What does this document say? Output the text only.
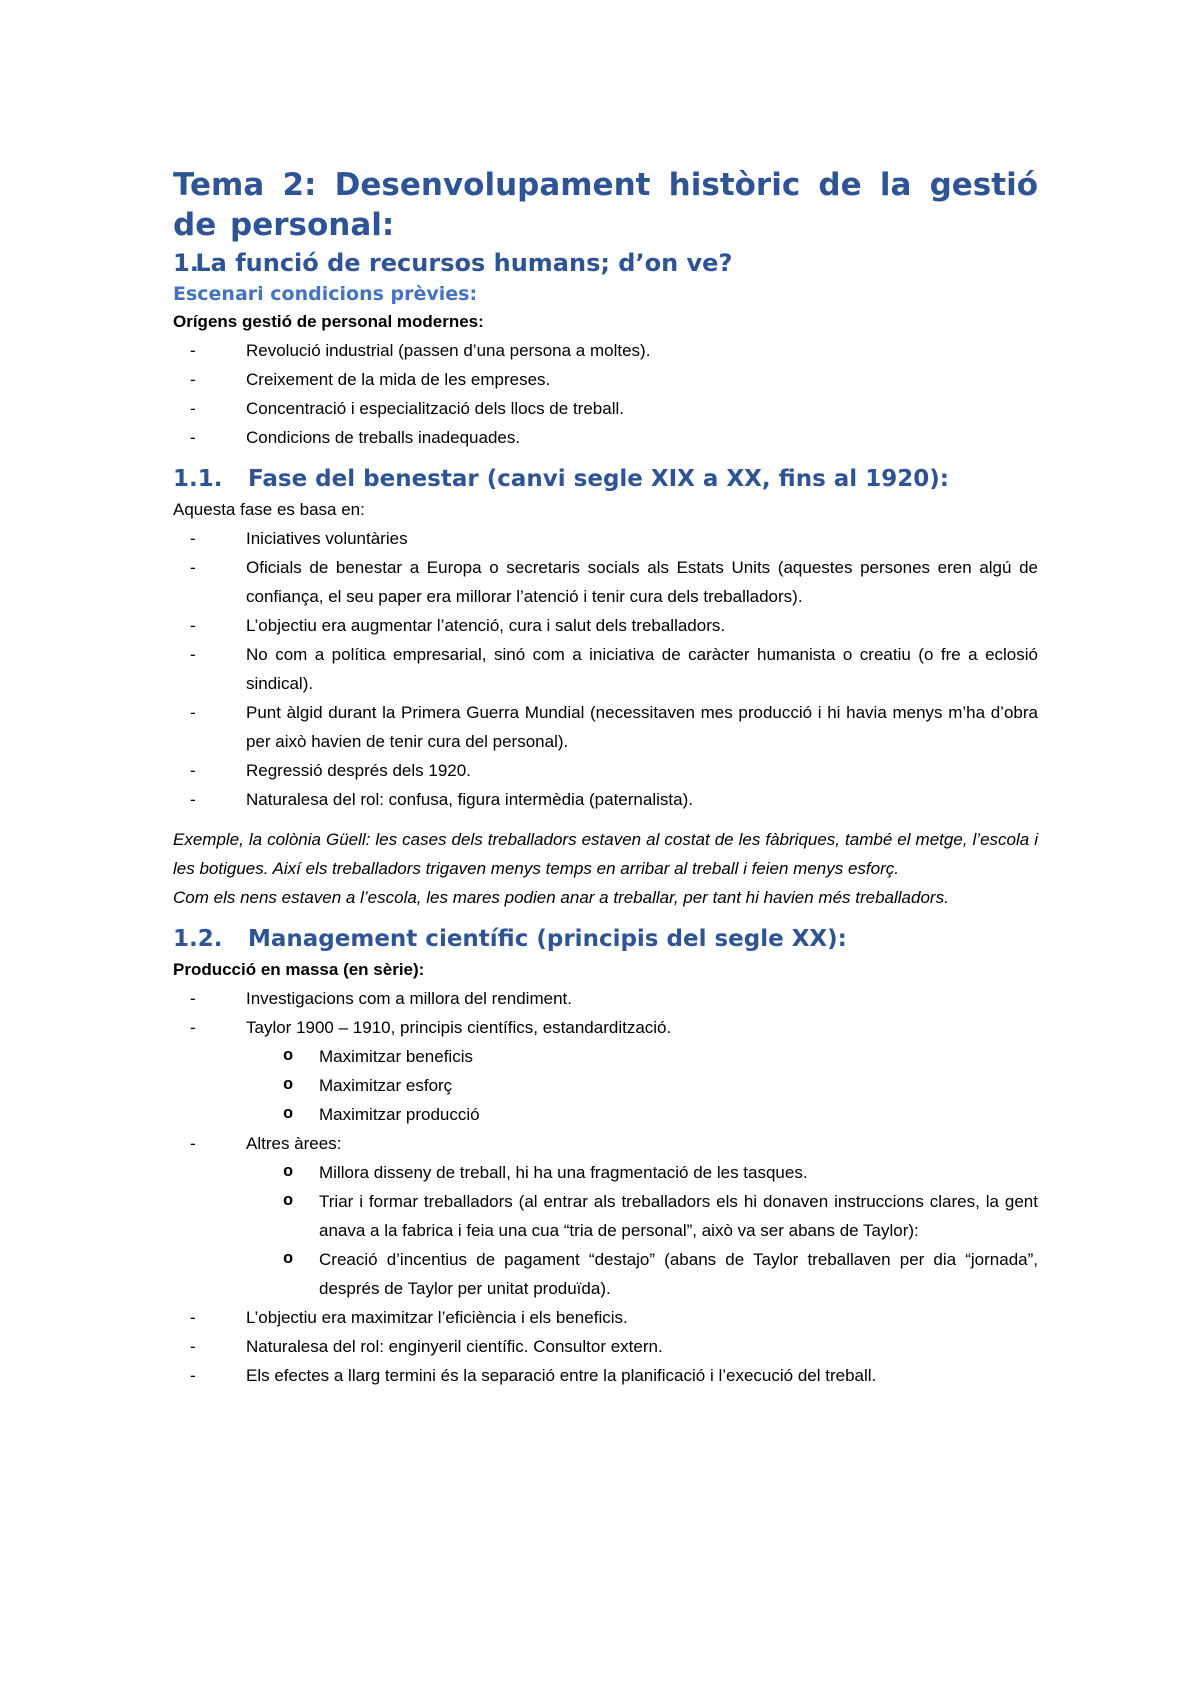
Tema 2: Desenvolupament històric de la gestió de personal:
1. La funció de recursos humans; d’on ve?
Escenari condicions prèvies:

Orígens gestió de personal modernes:

-	Revolució industrial (passen d’una persona a moltes).
-	Creixement de la mida de les empreses.
-	Concentració i especialització dels llocs de treball.
-	Condicions de treballs inadequades.
1.1. Fase del benestar (canvi segle XIX a XX, fins al 1920):

Aquesta fase es basa en:

-	Iniciatives voluntàries
-	Oficials de benestar a Europa o secretaris socials als Estats Units (aquestes persones eren algú de confiança, el seu paper era millorar l’atenció i tenir cura dels treballadors).
-	L’objectiu era augmentar l’atenció, cura i salut dels treballadors.
-	No com a política empresarial, sinó com a iniciativa de caràcter humanista o creatiu (o fre a eclosió sindical).
-	Punt àlgid durant la Primera Guerra Mundial (necessitaven mes producció i hi havia menys m’ha d’obra per això havien de tenir cura del personal).
-	Regressió després dels 1920.
-	Naturalesa del rol: confusa, figura intermèdia (paternalista).

Exemple, la colònia Güell: les cases dels treballadors estaven al costat de les fàbriques, també el metge, l’escola i les botigues. Així els treballadors trigaven menys temps en arribar al treball i feien menys esforç.

Com els nens estaven a l’escola, les mares podien anar a treballar, per tant hi havien més treballadors.

1.2. Management científic (principis del segle XX):

Producció en massa (en sèrie):

-	Investigacions com a millora del rendiment.
-	Taylor 1900 – 1910, principis científics, estandardització.
o Maximitzar beneficis
o Maximitzar esforç
o Maximitzar producció
-	Altres àrees:
o Millora disseny de treball, hi ha una fragmentació de les tasques.
o Triar i formar treballadors (al entrar als treballadors els hi donaven instruccions clares, la gent anava a la fabrica i feia una cua “tria de personal”, això va ser abans de Taylor):
o Creació d’incentius de pagament “destajo” (abans de Taylor treballaven per dia “jornada”, després de Taylor per unitat produïda).
-	L’objectiu era maximitzar l’eficiència i els beneficis.
-	Naturalesa del rol: enginyeril científic. Consultor extern.
-	Els efectes a llarg termini és la separació entre la planificació i l’execució del treball.
